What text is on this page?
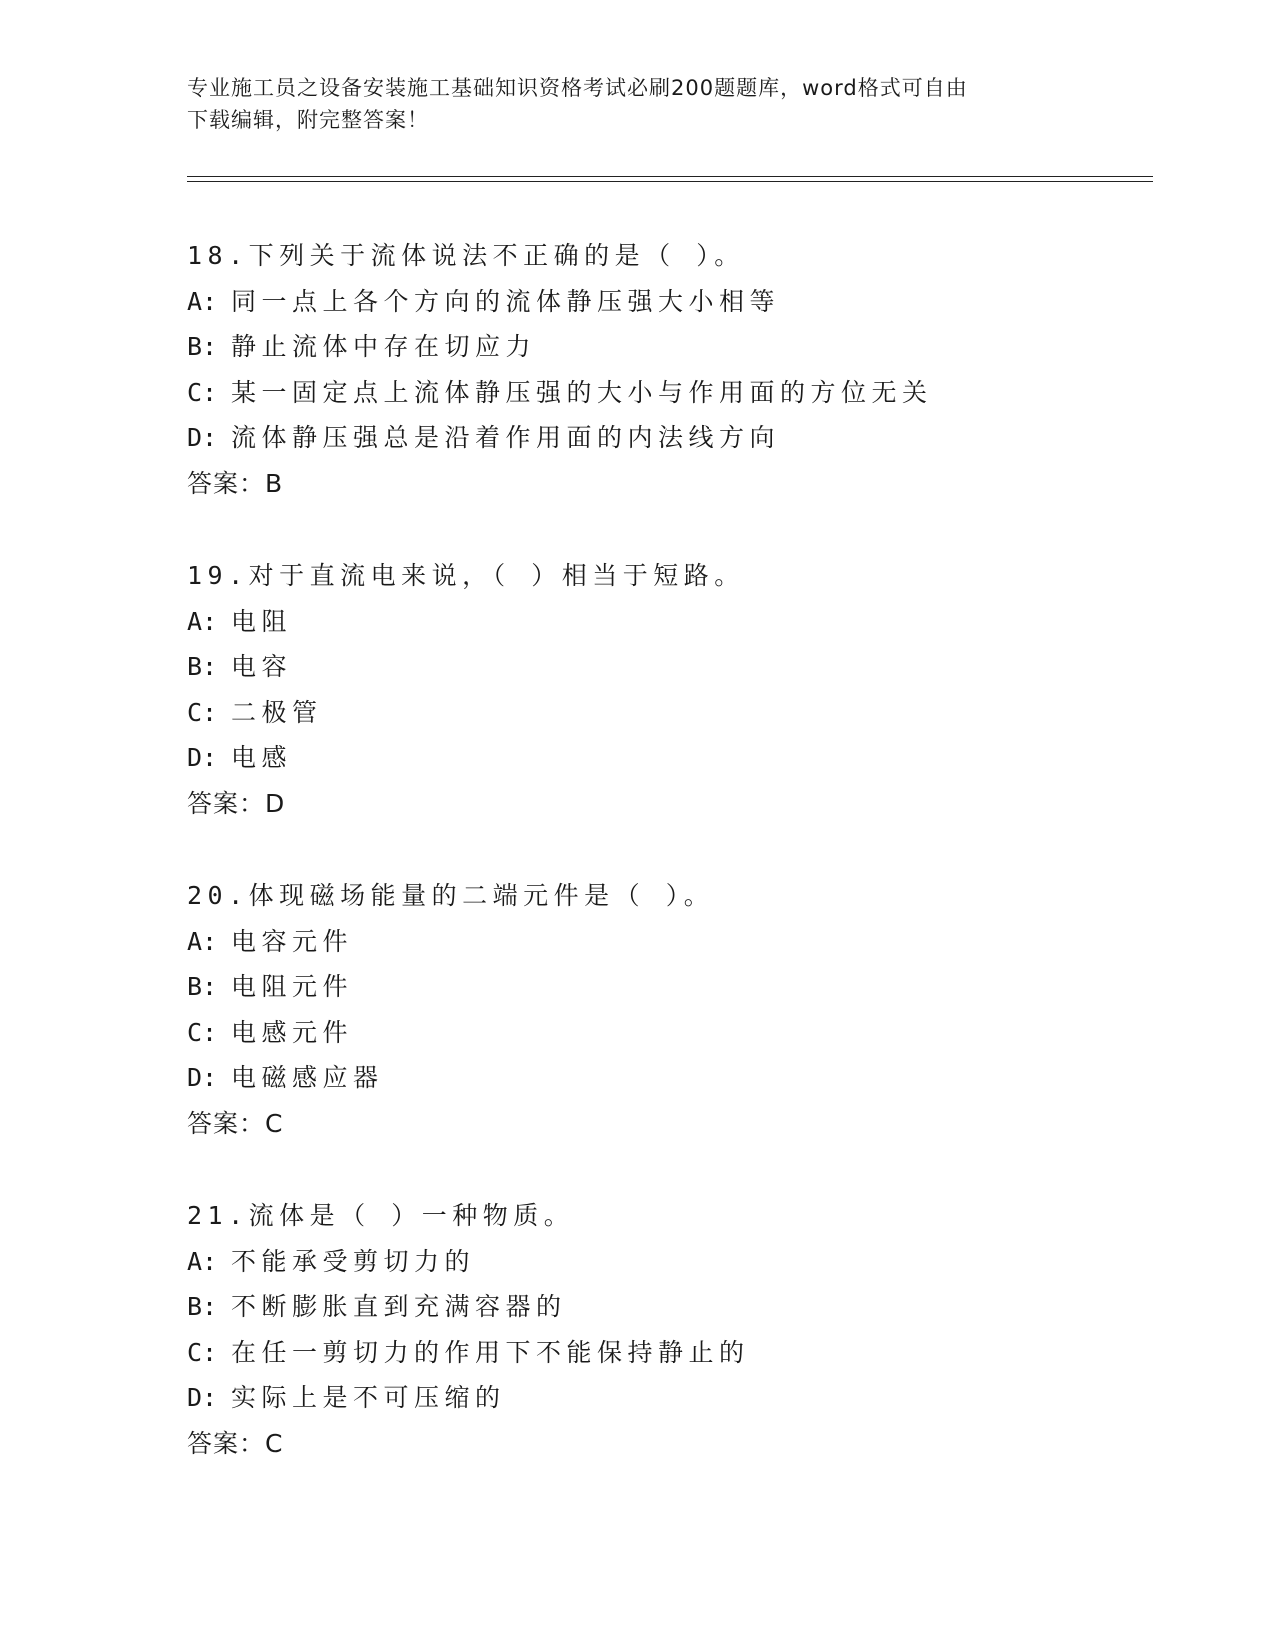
专业施工员之设备安装施工基础知识资格考试必刷200题题库，word格式可自由
下载编辑，附完整答案！
18.下列关于流体说法不正确的是（ ）。
A: 同一点上各个方向的流体静压强大小相等
B: 静止流体中存在切应力
C: 某一固定点上流体静压强的大小与作用面的方位无关
D: 流体静压强总是沿着作用面的内法线方向
答案：B
19.对于直流电来说，（ ）相当于短路。
A: 电阻
B: 电容
C: 二极管
D: 电感
答案：D
20.体现磁场能量的二端元件是（ ）。
A: 电容元件
B: 电阻元件
C: 电感元件
D: 电磁感应器
答案：C
21.流体是（ ）一种物质。
A: 不能承受剪切力的
B: 不断膨胀直到充满容器的
C: 在任一剪切力的作用下不能保持静止的
D: 实际上是不可压缩的
答案：C
